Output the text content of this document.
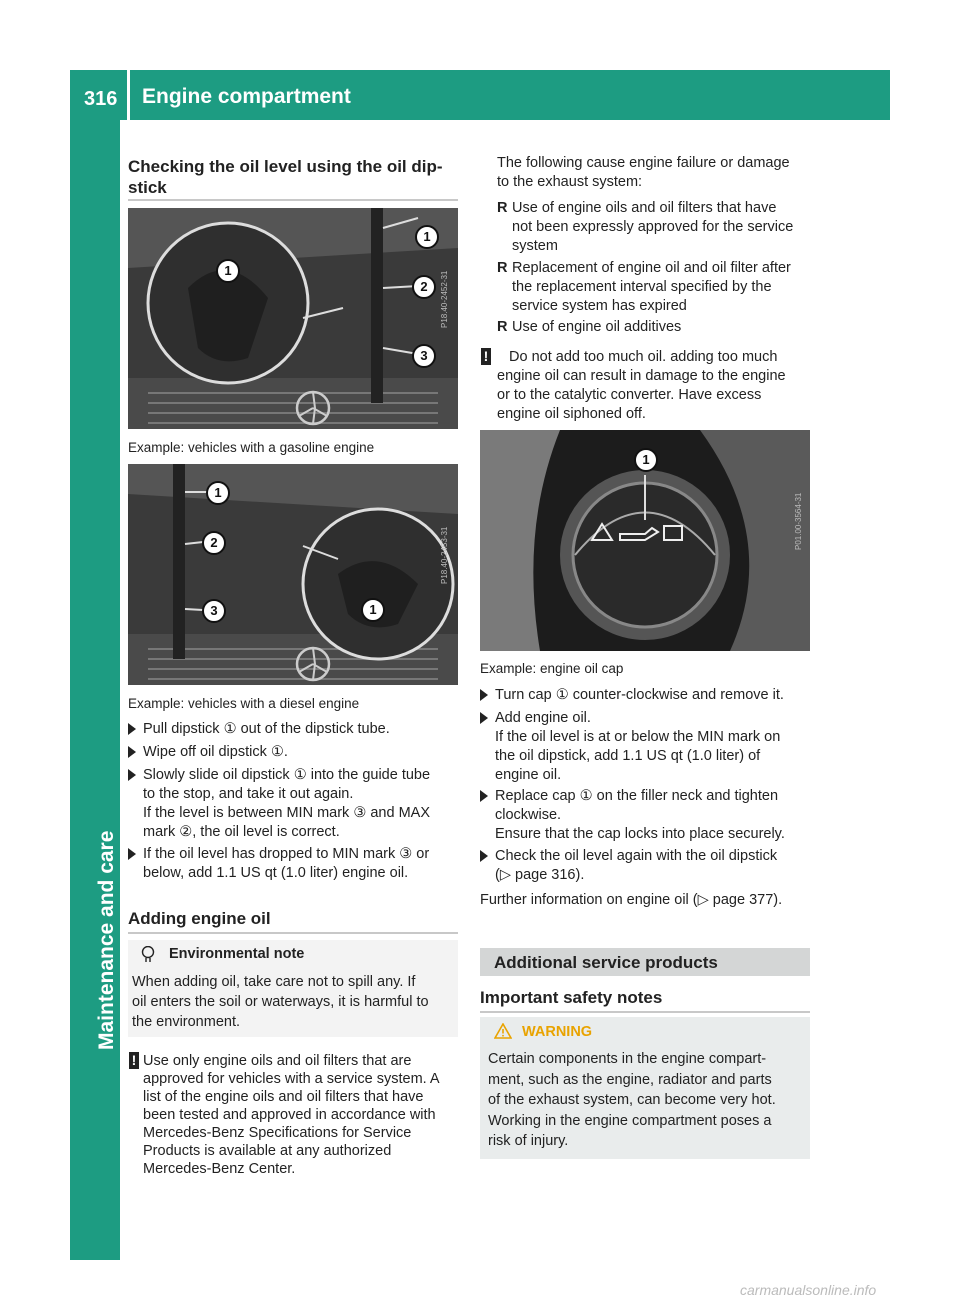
316 Engine compartment
Maintenance and care
Checking the oil level using the oil dip-
stick
1
1
2
3
P18.40-2452-31
Example: vehicles with a gasoline engine
1
2
3	1
P18.40-2453-31
Example: vehicles with a diesel engine
Pull dipstick ① out of the dipstick tube.
Wipe off oil dipstick ①.
Slowly slide oil dipstick ① into the guide tube
to the stop, and take it out again.
If the level is between MIN mark ③ and MAX
mark ②, the oil level is correct.
If the oil level has dropped to MIN mark ③ or
below, add 1.1 US qt (1.0 liter) engine oil.
Adding engine oil
Environmental note
When adding oil, take care not to spill any. If
oil enters the soil or waterways, it is harmful to
the environment.
! Use only engine oils and oil filters that are
approved for vehicles with a service system. A
list of the engine oils and oil filters that have
been tested and approved in accordance with
Mercedes-Benz Specifications for Service
Products is available at any authorized
Mercedes-Benz Center.
The following cause engine failure or damage
to the exhaust system:
R Use of engine oils and oil filters that have
not been expressly approved for the service
system
R Replacement of engine oil and oil filter after
the replacement interval specified by the
service system has expired
R Use of engine oil additives
! Do not add too much oil. adding too much
engine oil can result in damage to the engine
or to the catalytic converter. Have excess
engine oil siphoned off.
1
P01.00-3564-31
Example: engine oil cap
Turn cap ① counter-clockwise and remove it.
Add engine oil.
If the oil level is at or below the MIN mark on
the oil dipstick, add 1.1 US qt (1.0 liter) of
engine oil.
Replace cap ① on the filler neck and tighten
clockwise.
Ensure that the cap locks into place securely.
Check the oil level again with the oil dipstick
(▷ page 316).
Further information on engine oil (▷ page 377).
Additional service products
Important safety notes
WARNING
Certain components in the engine compart-
ment, such as the engine, radiator and parts
of the exhaust system, can become very hot.
Working in the engine compartment poses a
risk of injury.
carmanualsonline.info
